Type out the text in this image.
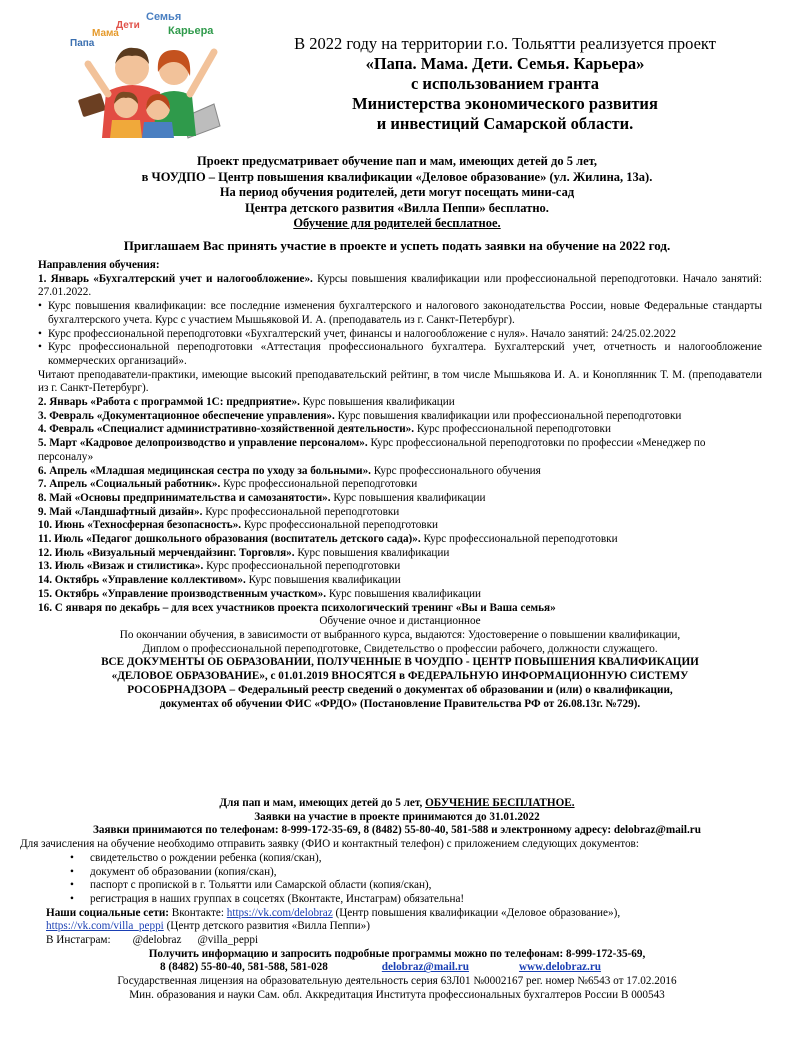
Семья
Дети	Карьера
Мама
Папа	В 2022 году на территории г.о. Тольятти реализуется проект
«Папа. Мама. Дети. Семья. Карьера»
с использованием гранта
Министерства экономического развития
и инвестиций Самарской области.
Проект предусматривает обучение пап и мам, имеющих детей до 5 лет,
в ЧОУДПО – Центр повышения квалификации «Деловое образование» (ул. Жилина, 13а).
На период обучения родителей, дети могут посещать мини-сад
Центра детского развития «Вилла Пеппи» бесплатно.
Обучение для родителей бесплатное.
Приглашаем Вас принять участие в проекте и успеть подать заявки на обучение на 2022 год.

Направления обучения:

1. Январь «Бухгалтерский учет и налогообложение». Курсы повышения квалификации или профессиональной переподготовки. Начало занятий: 27.01.2022.

• Курс повышения квалификации: все последние изменения бухгалтерского и налогового законодательства России, новые Федеральные стандарты бухгалтерского учета. Курс с участием Мышьяковой И. А. (преподаватель из г. Санкт-Петербург).

• Курс профессиональной переподготовки «Бухгалтерский учет, финансы и налогообложение с нуля». Начало занятий: 24/25.02.2022

• Курс профессиональной переподготовки «Аттестация профессионального бухгалтера. Бухгалтерский учет, отчетность и налогообложение коммерческих организаций».

Читают преподаватели-практики, имеющие высокий преподавательский рейтинг, в том числе Мышьякова И. А. и Коноплянник Т. М. (преподаватели из г. Санкт-Петербург).

2. Январь «Работа с программой 1С: предприятие». Курс повышения квалификации

3. Февраль «Документационное обеспечение управления». Курс повышения квалификации или профессиональной переподготовки

4. Февраль «Специалист административно-хозяйственной деятельности». Курс профессиональной переподготовки

5. Март «Кадровое делопроизводство и управление персоналом». Курс профессиональной переподготовки по профессии «Менеджер по персоналу»

6. Апрель «Младшая медицинская сестра по уходу за больными». Курс профессионального обучения

7. Апрель «Социальный работник». Курс профессиональной переподготовки

8. Май «Основы предпринимательства и самозанятости». Курс повышения квалификации

9. Май «Ландшафтный дизайн». Курс профессиональной переподготовки

10. Июнь «Техносферная безопасность». Курс профессиональной переподготовки

11. Июль «Педагог дошкольного образования (воспитатель детского сада)». Курс профессиональной переподготовки

12. Июль «Визуальный мерчендайзинг. Торговля». Курс повышения квалификации

13. Июль «Визаж и стилистика». Курс профессиональной переподготовки

14. Октябрь «Управление коллективом». Курс повышения квалификации

15. Октябрь «Управление производственным участком». Курс повышения квалификации

16. С января по декабрь – для всех участников проекта психологический тренинг «Вы и Ваша семья»

Обучение очное и дистанционное

По окончании обучения, в зависимости от выбранного курса, выдаются: Удостоверение о повышении квалификации,

Диплом о профессиональной переподготовке, Свидетельство о профессии рабочего, должности служащего.

ВСЕ ДОКУМЕНТЫ ОБ ОБРАЗОВАНИИ, ПОЛУЧЕННЫЕ В ЧОУДПО - ЦЕНТР ПОВЫШЕНИЯ КВАЛИФИКАЦИИ

«ДЕЛОВОЕ ОБРАЗОВАНИЕ», с 01.01.2019 ВНОСЯТСЯ в ФЕДЕРАЛЬНУЮ ИНФОРМАЦИОННУЮ СИСТЕМУ

РОСОБРНАДЗОРА – Федеральный реестр сведений о документах об образовании и (или) о квалификации,

документах об обучении ФИС «ФРДО» (Постановление Правительства РФ от 26.08.13г. №729).

Для пап и мам, имеющих детей до 5 лет, ОБУЧЕНИЕ БЕСПЛАТНОЕ.

Заявки на участие в проекте принимаются до 31.01.2022

Заявки принимаются по телефонам: 8-999-172-35-69, 8 (8482) 55-80-40, 581-588 и электронному адресу: delobraz@mail.ru

Для зачисления на обучение необходимо отправить заявку (ФИО и контактный телефон) с приложением следующих документов:

• свидетельство о рождении ребенка (копия/скан),
• документ об образовании (копия/скан),
• паспорт с пропиской в г. Тольятти или Самарской области (копия/скан),
• регистрация в наших группах в соцсетях (Вконтакте, Инстаграм) обязательна!

Наши социальные сети: Вконтакте: https://vk.com/delobraz (Центр повышения квалификации «Деловое образование»),

https://vk.com/villa_peppi (Центр детского развития «Вилла Пеппи»)

В Инстаграм: @delobraz @villa_peppi

Получить информацию и запросить подробные программы можно по телефонам: 8-999-172-35-69,

8 (8482) 55-80-40, 581-588, 581-028	delobraz@mail.ru	www.delobraz.ru

Государственная лицензия на образовательную деятельность серия 63Л01 №0002167 рег. номер №6543 от 17.02.2016

Мин. образования и науки Сам. обл. Аккредитация Института профессиональных бухгалтеров России В 000543
